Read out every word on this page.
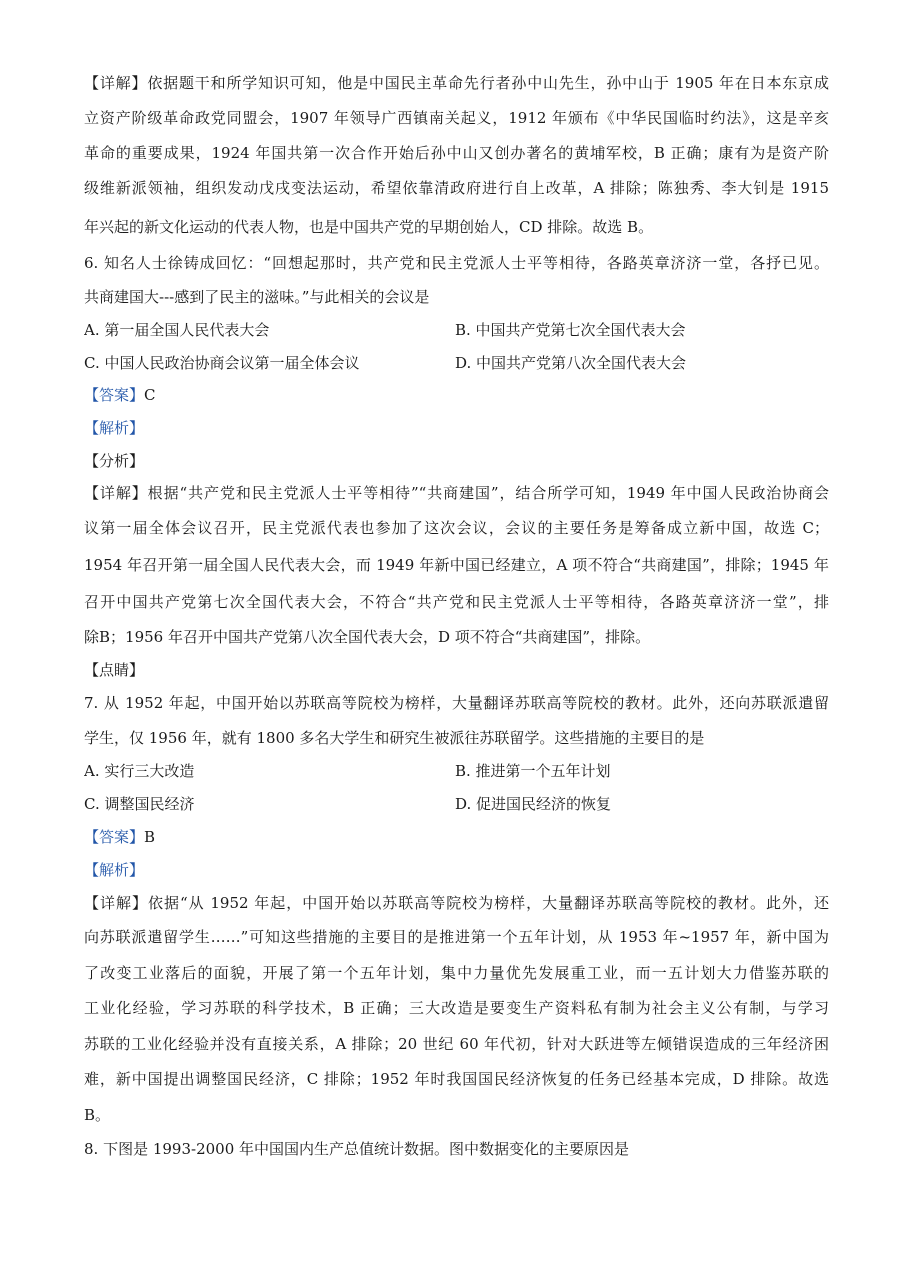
【详解】依据题干和所学知识可知，他是中国民主革命先行者孙中山先生，孙中山于 1905 年在日本东京成
立资产阶级革命政党同盟会，1907 年领导广西镇南关起义，1912 年颁布《中华民国临时约法》，这是辛亥
革命的重要成果，1924 年国共第一次合作开始后孙中山又创办著名的黄埔军校，B 正确；康有为是资产阶
级维新派领袖，组织发动戊戌变法运动，希望依靠清政府进行自上改革，A 排除；陈独秀、李大钊是 1915
年兴起的新文化运动的代表人物，也是中国共产党的早期创始人，CD 排除。故选 B。
6. 知名人士徐铸成回忆：“回想起那时，共产党和民主党派人士平等相待，各路英章济济一堂，各抒已见。
共商建国大---感到了民主的滋味。”与此相关的会议是
A. 第一届全国人民代表大会	B. 中国共产党第七次全国代表大会
C. 中国人民政治协商会议第一届全体会议	D. 中国共产党第八次全国代表大会
【答案】C
【解析】
【分析】
【详解】根据“共产党和民主党派人士平等相待”“共商建国”，结合所学可知，1949 年中国人民政治协商会
议第一届全体会议召开，民主党派代表也参加了这次会议，会议的主要任务是筹备成立新中国，故选 C；
1954 年召开第一届全国人民代表大会，而 1949 年新中国已经建立，A 项不符合“共商建国”，排除；1945 年
召开中国共产党第七次全国代表大会，不符合“共产党和民主党派人士平等相待，各路英章济济一堂”，排
除B；1956 年召开中国共产党第八次全国代表大会，D 项不符合“共商建国”，排除。
【点睛】
7. 从 1952 年起，中国开始以苏联高等院校为榜样，大量翻译苏联高等院校的教材。此外，还向苏联派遣留
学生，仅 1956 年，就有 1800 多名大学生和研究生被派往苏联留学。这些措施的主要目的是
A. 实行三大改造	B. 推进第一个五年计划
C. 调整国民经济	D. 促进国民经济的恢复
【答案】B
【解析】
【详解】依据“从 1952 年起，中国开始以苏联高等院校为榜样，大量翻译苏联高等院校的教材。此外，还
向苏联派遣留学生……”可知这些措施的主要目的是推进第一个五年计划，从 1953 年~1957 年，新中国为
了改变工业落后的面貌，开展了第一个五年计划，集中力量优先发展重工业，而一五计划大力借鉴苏联的
工业化经验，学习苏联的科学技术，B 正确；三大改造是要变生产资料私有制为社会主义公有制，与学习
苏联的工业化经验并没有直接关系，A 排除；20 世纪 60 年代初，针对大跃进等左倾错误造成的三年经济困
难，新中国提出调整国民经济，C 排除；1952 年时我国国民经济恢复的任务已经基本完成，D 排除。故选
B。
8. 下图是 1993-2000 年中国国内生产总值统计数据。图中数据变化的主要原因是
